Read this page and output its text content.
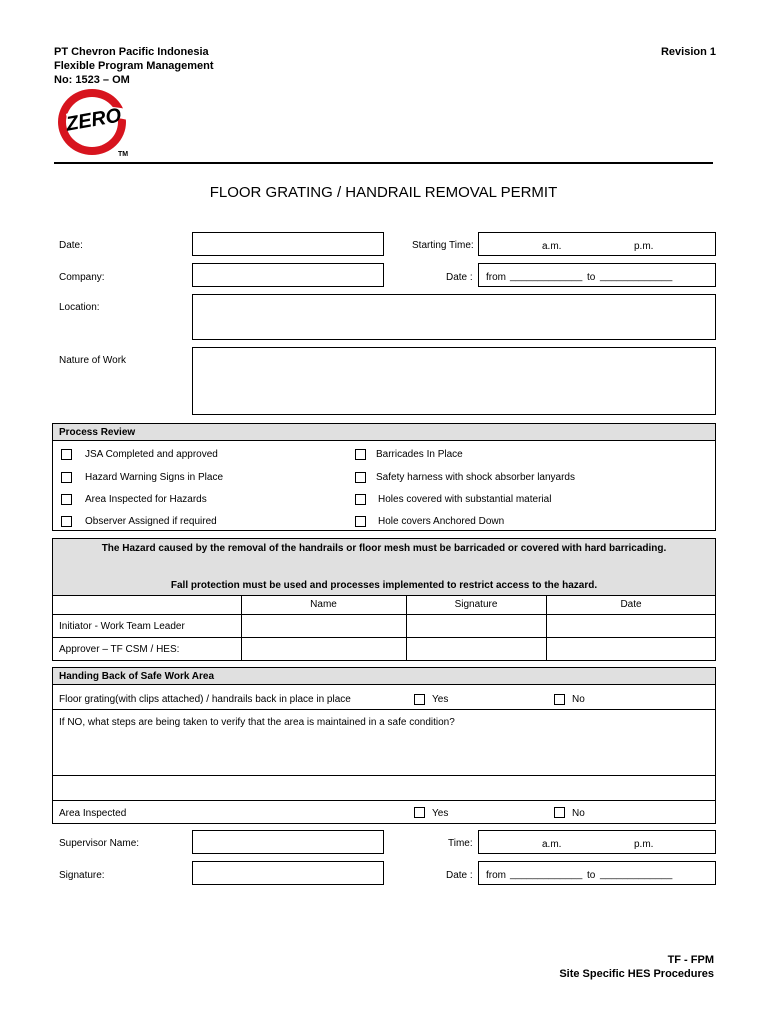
PT Chevron Pacific Indonesia
Flexible Program Management
No: 1523 – OM
Revision 1
ZERO
TM
FLOOR GRATING / HANDRAIL REMOVAL PERMIT
Date:
Company:
Location:
Nature of Work
Starting Time:	a.m.	p.m.
Date : from _____________ to _____________
Process Review
JSA Completed and approved
Hazard Warning Signs in Place
Area Inspected for Hazards
Observer Assigned if required
Barricades In Place
Safety harness with shock absorber lanyards
Holes covered with substantial material
Hole covers Anchored Down
The Hazard caused by the removal of the handrails or floor mesh must be barricaded or covered with hard barricading.
Fall protection must be used and processes implemented to restrict access to the hazard.
Name	Signature	Date
Initiator - Work Team Leader
Approver – TF CSM / HES:
Handing Back of Safe Work Area
Floor grating(with clips attached) / handrails back in place in place	Yes	No
If NO, what steps are being taken to verify that the area is maintained in a safe condition?
Area Inspected	Yes	No
Supervisor Name:
Signature:
Time:	a.m.	p.m.
Date : from _____________ to _____________
TF - FPM
Site Specific HES Procedures
